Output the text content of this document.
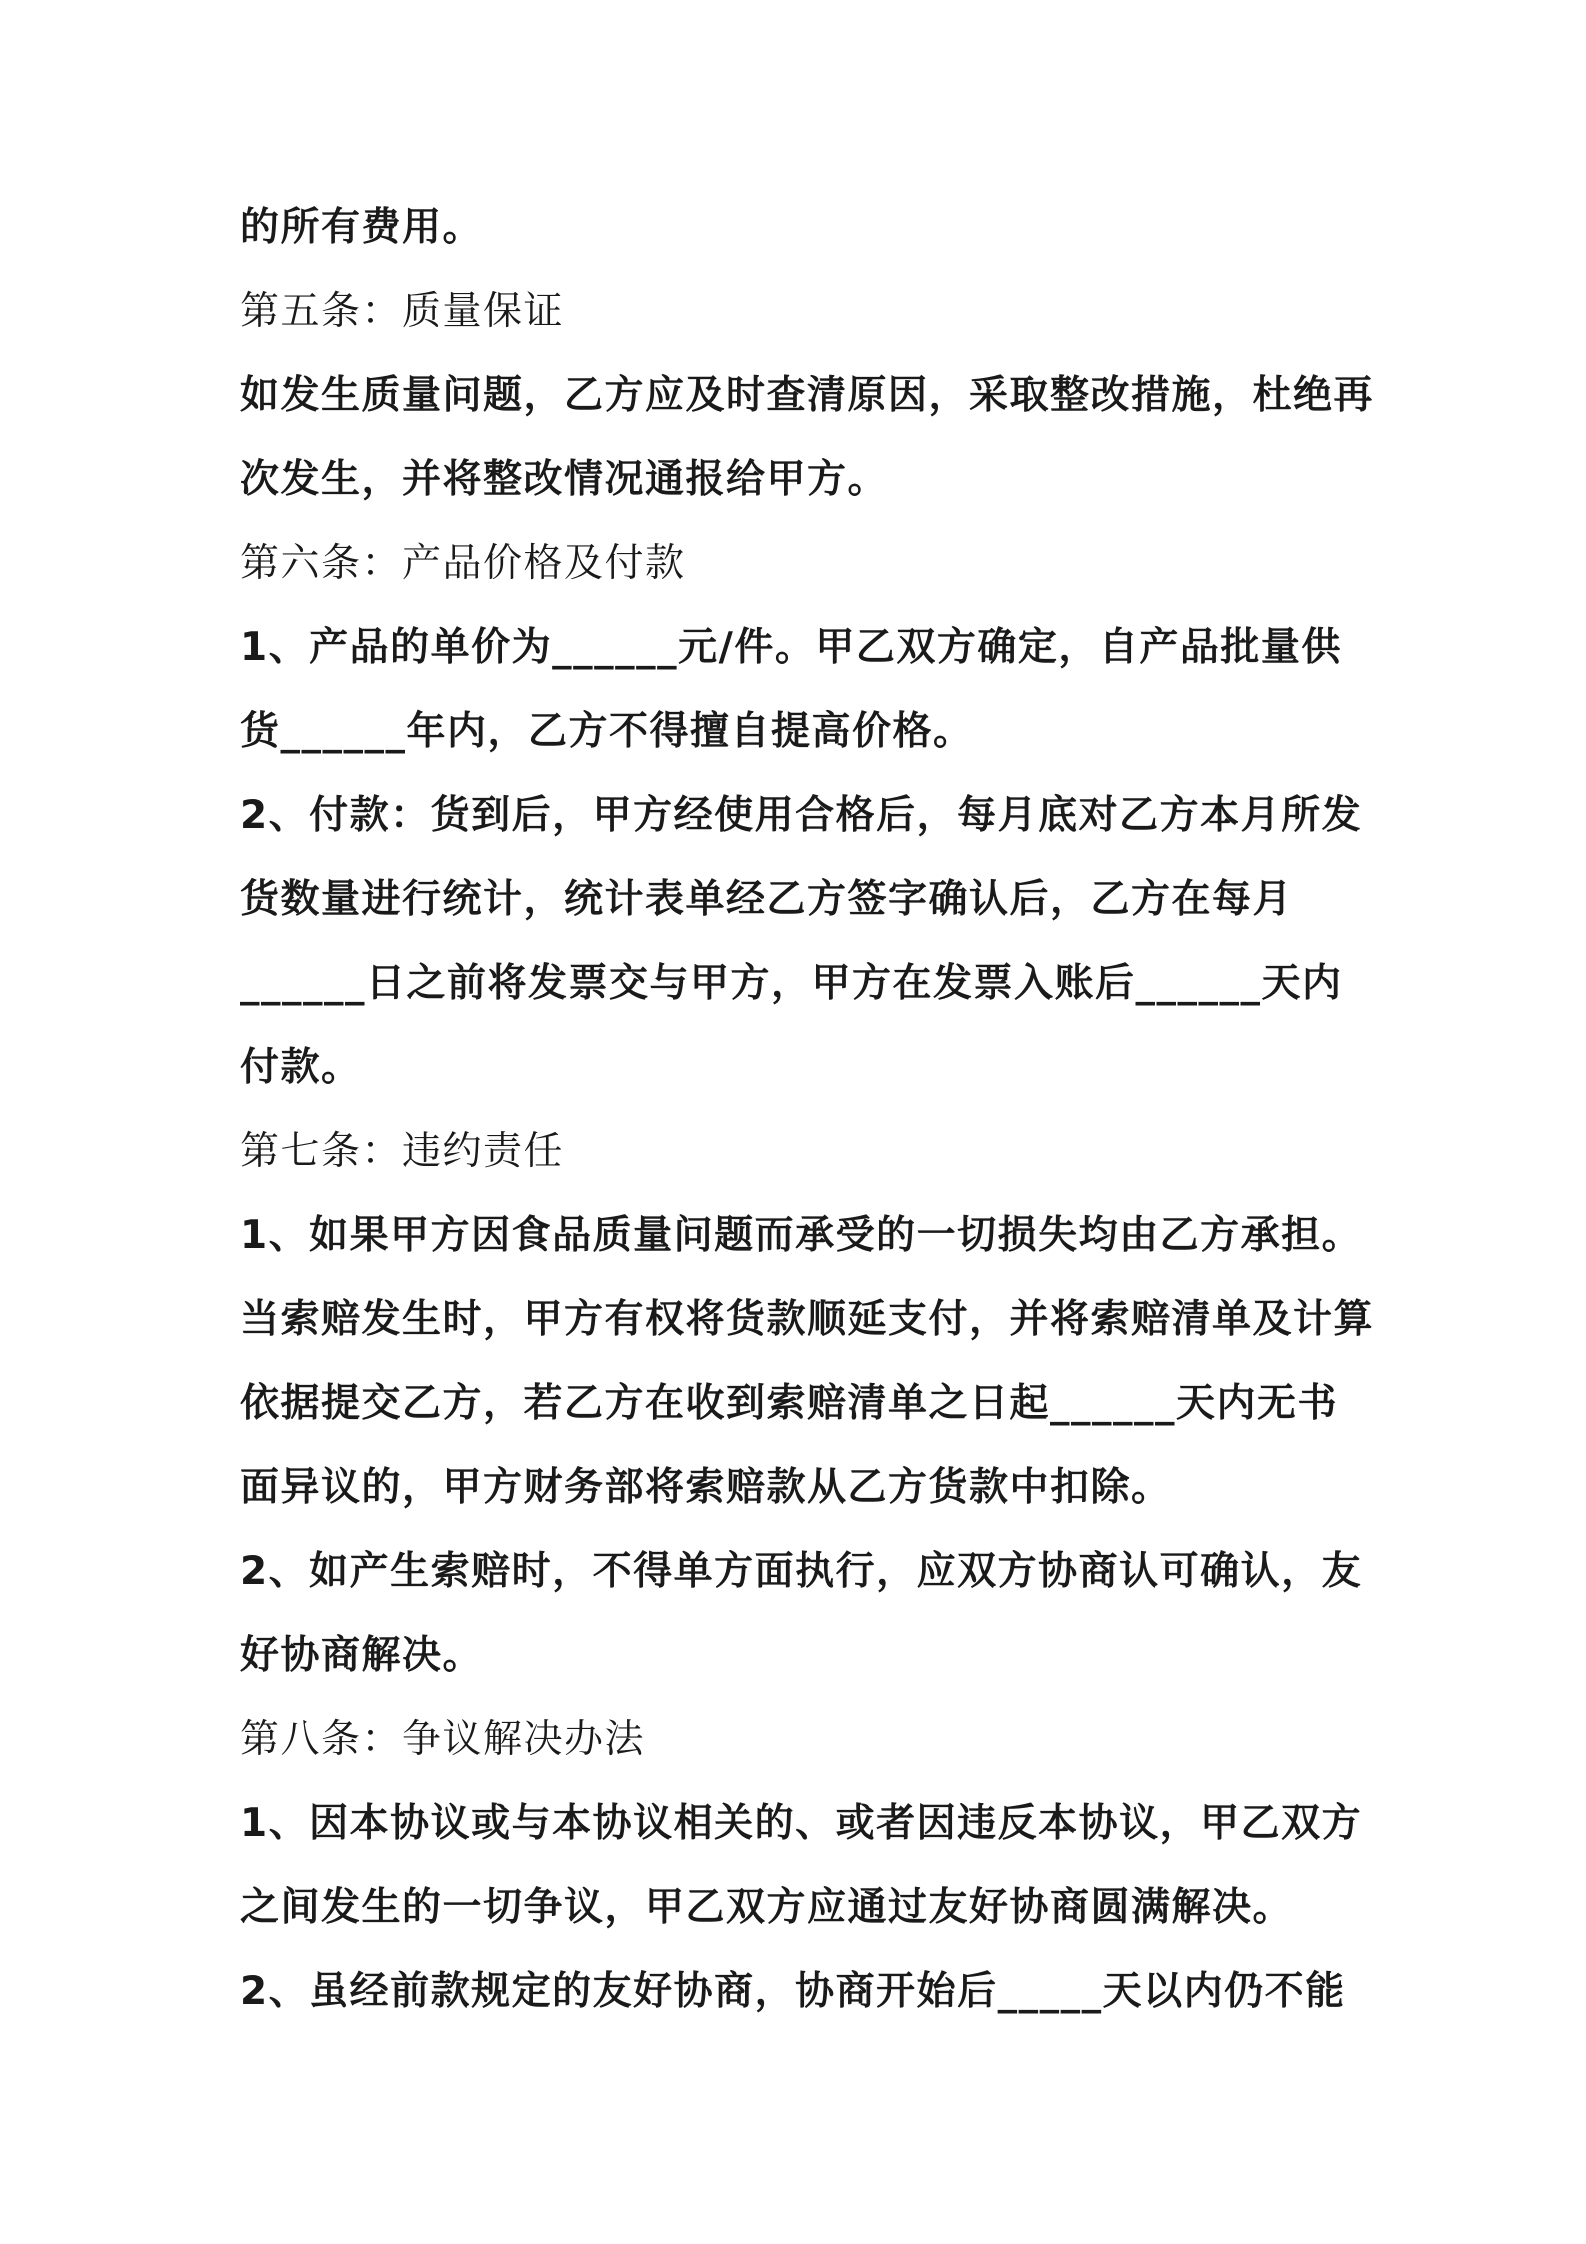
的所有费用。
第五条：质量保证
如发生质量问题，乙方应及时查清原因，采取整改措施，杜绝再
次发生，并将整改情况通报给甲方。
第六条：产品价格及付款
1、产品的单价为______元/件。甲乙双方确定，自产品批量供
货______年内，乙方不得擅自提高价格。
2、付款：货到后，甲方经使用合格后，每月底对乙方本月所发
货数量进行统计，统计表单经乙方签字确认后，乙方在每月
______日之前将发票交与甲方，甲方在发票入账后______天内
付款。
第七条：违约责任
1、如果甲方因食品质量问题而承受的一切损失均由乙方承担。
当索赔发生时，甲方有权将货款顺延支付，并将索赔清单及计算
依据提交乙方，若乙方在收到索赔清单之日起______天内无书
面异议的，甲方财务部将索赔款从乙方货款中扣除。
2、如产生索赔时，不得单方面执行，应双方协商认可确认，友
好协商解决。
第八条：争议解决办法
1、因本协议或与本协议相关的、或者因违反本协议，甲乙双方
之间发生的一切争议，甲乙双方应通过友好协商圆满解决。
2、虽经前款规定的友好协商，协商开始后_____天以内仍不能
